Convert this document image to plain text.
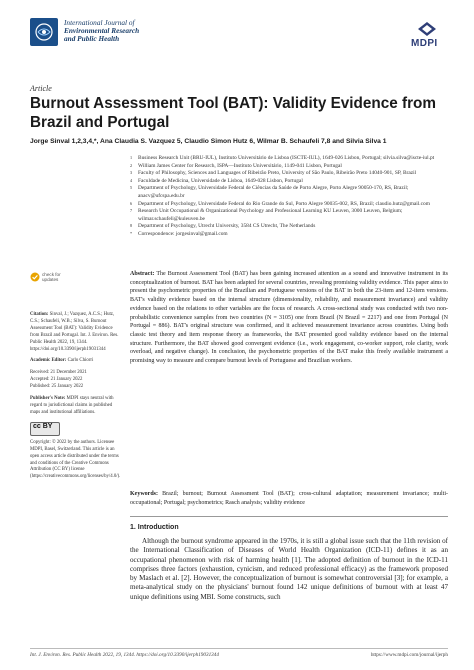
International Journal of
Environmental Research
and Public Health	MDPI
Article
Burnout Assessment Tool (BAT): Validity Evidence from Brazil and Portugal
Jorge Sinval 1,2,3,4,*, Ana Claudia S. Vazquez 5, Claudio Simon Hutz 6, Wilmar B. Schaufeli 7,8 and Silvia Silva 1
1 Business Research Unit (BRU-IUL), Instituto Universitário de Lisboa (ISCTE-IUL), 1649-026 Lisbon, Portugal; silvia.silva@iscte-iul.pt
2 William James Center for Research, ISPA—Instituto Universitário, 1149-041 Lisbon, Portugal
3 Faculty of Philosophy, Sciences and Languages of Ribeirão Preto, University of São Paulo, Ribeirão Preto 14040-901, SP, Brazil
4 Faculdade de Medicina, Universidade de Lisboa, 1649-028 Lisbon, Portugal
5 Department of Psychology, Universidade Federal de Ciências da Saúde de Porto Alegre, Porto Alegre 90050-170, RS, Brazil; anacv@ufcspa.edu.br
6 Department of Psychology, Universidade Federal do Rio Grande do Sul, Porto Alegre 90035-002, RS, Brazil; claudio.hutz@gmail.com
7 Research Unit Occupational & Organizational Psychology and Professional Learning KU Leuven, 3000 Leuven, Belgium; wilmar.schaufeli@kuleuven.be
8 Department of Psychology, Utrecht University, 3584 CS Utrecht, The Netherlands
* Correspondence: jorgesinval@gmail.com
Abstract: The Burnout Assessment Tool (BAT) has been gaining increased attention as a sound and innovative instrument in its conceptualization of burnout. BAT has been adapted for several countries, revealing promising validity evidence. This paper aims to present the psychometric properties of the Brazilian and Portuguese versions of the BAT in both the 23-item and 12-item versions. BAT's validity evidence based on the internal structure (dimensionality, reliability, and measurement invariance) and validity evidence based on the relations to other variables are the focus of research. A cross-sectional study was conducted with two non-probabilistic convenience samples from two countries (N = 3105) one from Brazil (N Brazil = 2217) and one from Portugal (N Portugal = 886). BAT's original structure was confirmed, and it achieved measurement invariance across countries. Using both classic test theory and item response theory as frameworks, the BAT presented good validity evidence based on the internal structure. Furthermore, the BAT showed good convergent evidence (i.e., work engagement, co-worker support, role clarity, work overload, and negative change). In conclusion, the psychometric properties of the BAT make this freely available instrument a promising way to measure and compare burnout levels of Portuguese and Brazilian workers.
Keywords: Brazil; burnout; Burnout Assessment Tool (BAT); cross-cultural adaptation; measurement invariance; multi-occupational; Portugal; psychometrics; Rasch analysis; validity evidence
check for updates
Citation: Sinval, J.; Vazquez, A.C.S.; Hutz, C.S.; Schaufeli, W.B.; Silva, S. Burnout Assessment Tool (BAT): Validity Evidence from Brazil and Portugal. Int. J. Environ. Res. Public Health 2022, 19, 1344. https://doi.org/10.3390/ijerph19031344
Academic Editor: Carlo Chiorri
Received: 21 December 2021
Accepted: 21 January 2022
Published: 25 January 2022
Publisher's Note: MDPI stays neutral with regard to jurisdictional claims in published maps and institutional affiliations.
cc BY
Copyright: © 2022 by the authors. Licensee MDPI, Basel, Switzerland. This article is an open access article distributed under the terms and conditions of the Creative Commons Attribution (CC BY) license (https://creativecommons.org/licenses/by/4.0/).
1. Introduction
Although the burnout syndrome appeared in the 1970s, it is still a global issue such that the 11th revision of the International Classification of Diseases of World Health Organization (ICD-11) defines it as an occupational phenomenon with risk of harming health [1]. The adopted definition of burnout in the ICD-11 comprises three factors (exhaustion, cynicism, and reduced professional efficacy) as the framework proposed by Maslach et al. [2]. However, the conceptualization of burnout is somewhat controversial [3]; for example, a meta-analytical study on the physicians' burnout found 142 unique definitions of burnout with at least 47 unique definitions using MBI. Some constructs, such
Int. J. Environ. Res. Public Health 2022, 19, 1344. https://doi.org/10.3390/ijerph19031344	https://www.mdpi.com/journal/ijerph
